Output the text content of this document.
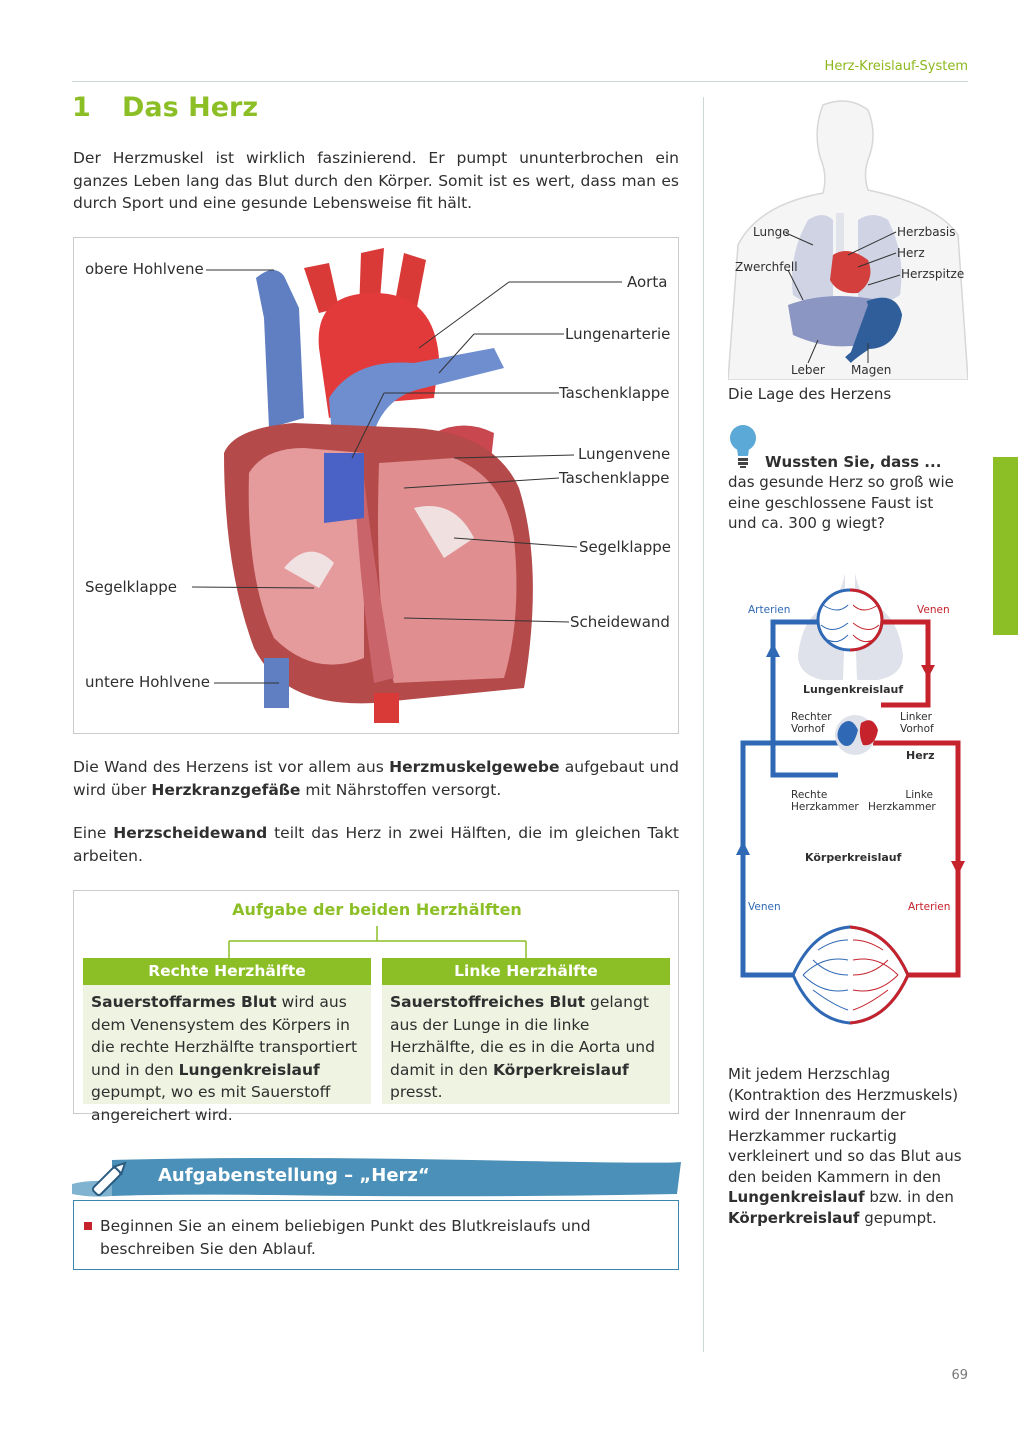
Herz-Kreislauf-System
1 Das Herz
Der Herzmuskel ist wirklich faszinierend. Er pumpt ununterbrochen ein ganzes Leben lang das Blut durch den Körper. Somit ist es wert, dass man es durch Sport und eine gesunde Lebensweise fit hält.
obere Hohlvene
Aorta
Lungenarterie
Taschenklappe
Lungenvene
Taschenklappe
Segelklappe
Segelklappe
Scheidewand
untere Hohlvene
Die Wand des Herzens ist vor allem aus Herzmuskelgewebe aufgebaut und wird über Herzkranzgefäße mit Nährstoffen versorgt.
Eine Herzscheidewand teilt das Herz in zwei Hälften, die im gleichen Takt arbeiten.
Aufgabe der beiden Herzhälften
Rechte Herzhälfte
Sauerstoffarmes Blut wird aus dem Venensystem des Körpers in die rechte Herzhälfte transportiert und in den Lungenkreislauf gepumpt, wo es mit Sauerstoff angereichert wird.
Linke Herzhälfte
Sauerstoffreiches Blut gelangt aus der Lunge in die linke Herzhälfte, die es in die Aorta und damit in den Körperkreislauf presst.
Aufgabenstellung – „Herz“
Beginnen Sie an einem beliebigen Punkt des Blutkreislaufs und beschreiben Sie den Ablauf.
Lunge	Herzbasis
Herz
Zwerchfell	Herzspitze
Leber Magen
Die Lage des Herzens
Wussten Sie, dass ...
das gesunde Herz so groß wie eine geschlossene Faust ist und ca. 300 g wiegt?
Arterien	Venen
Lungenkreislauf
Rechter
Vorhof
Linker
Vorhof
Herz
Rechte
Herzkammer
Linke
Herzkammer
Körperkreislauf
Venen	Arterien
Mit jedem Herzschlag (Kontraktion des Herzmuskels) wird der Innenraum der Herzkammer ruckartig verkleinert und so das Blut aus den beiden Kammern in den Lungenkreislauf bzw. in den Körperkreislauf gepumpt.
69
